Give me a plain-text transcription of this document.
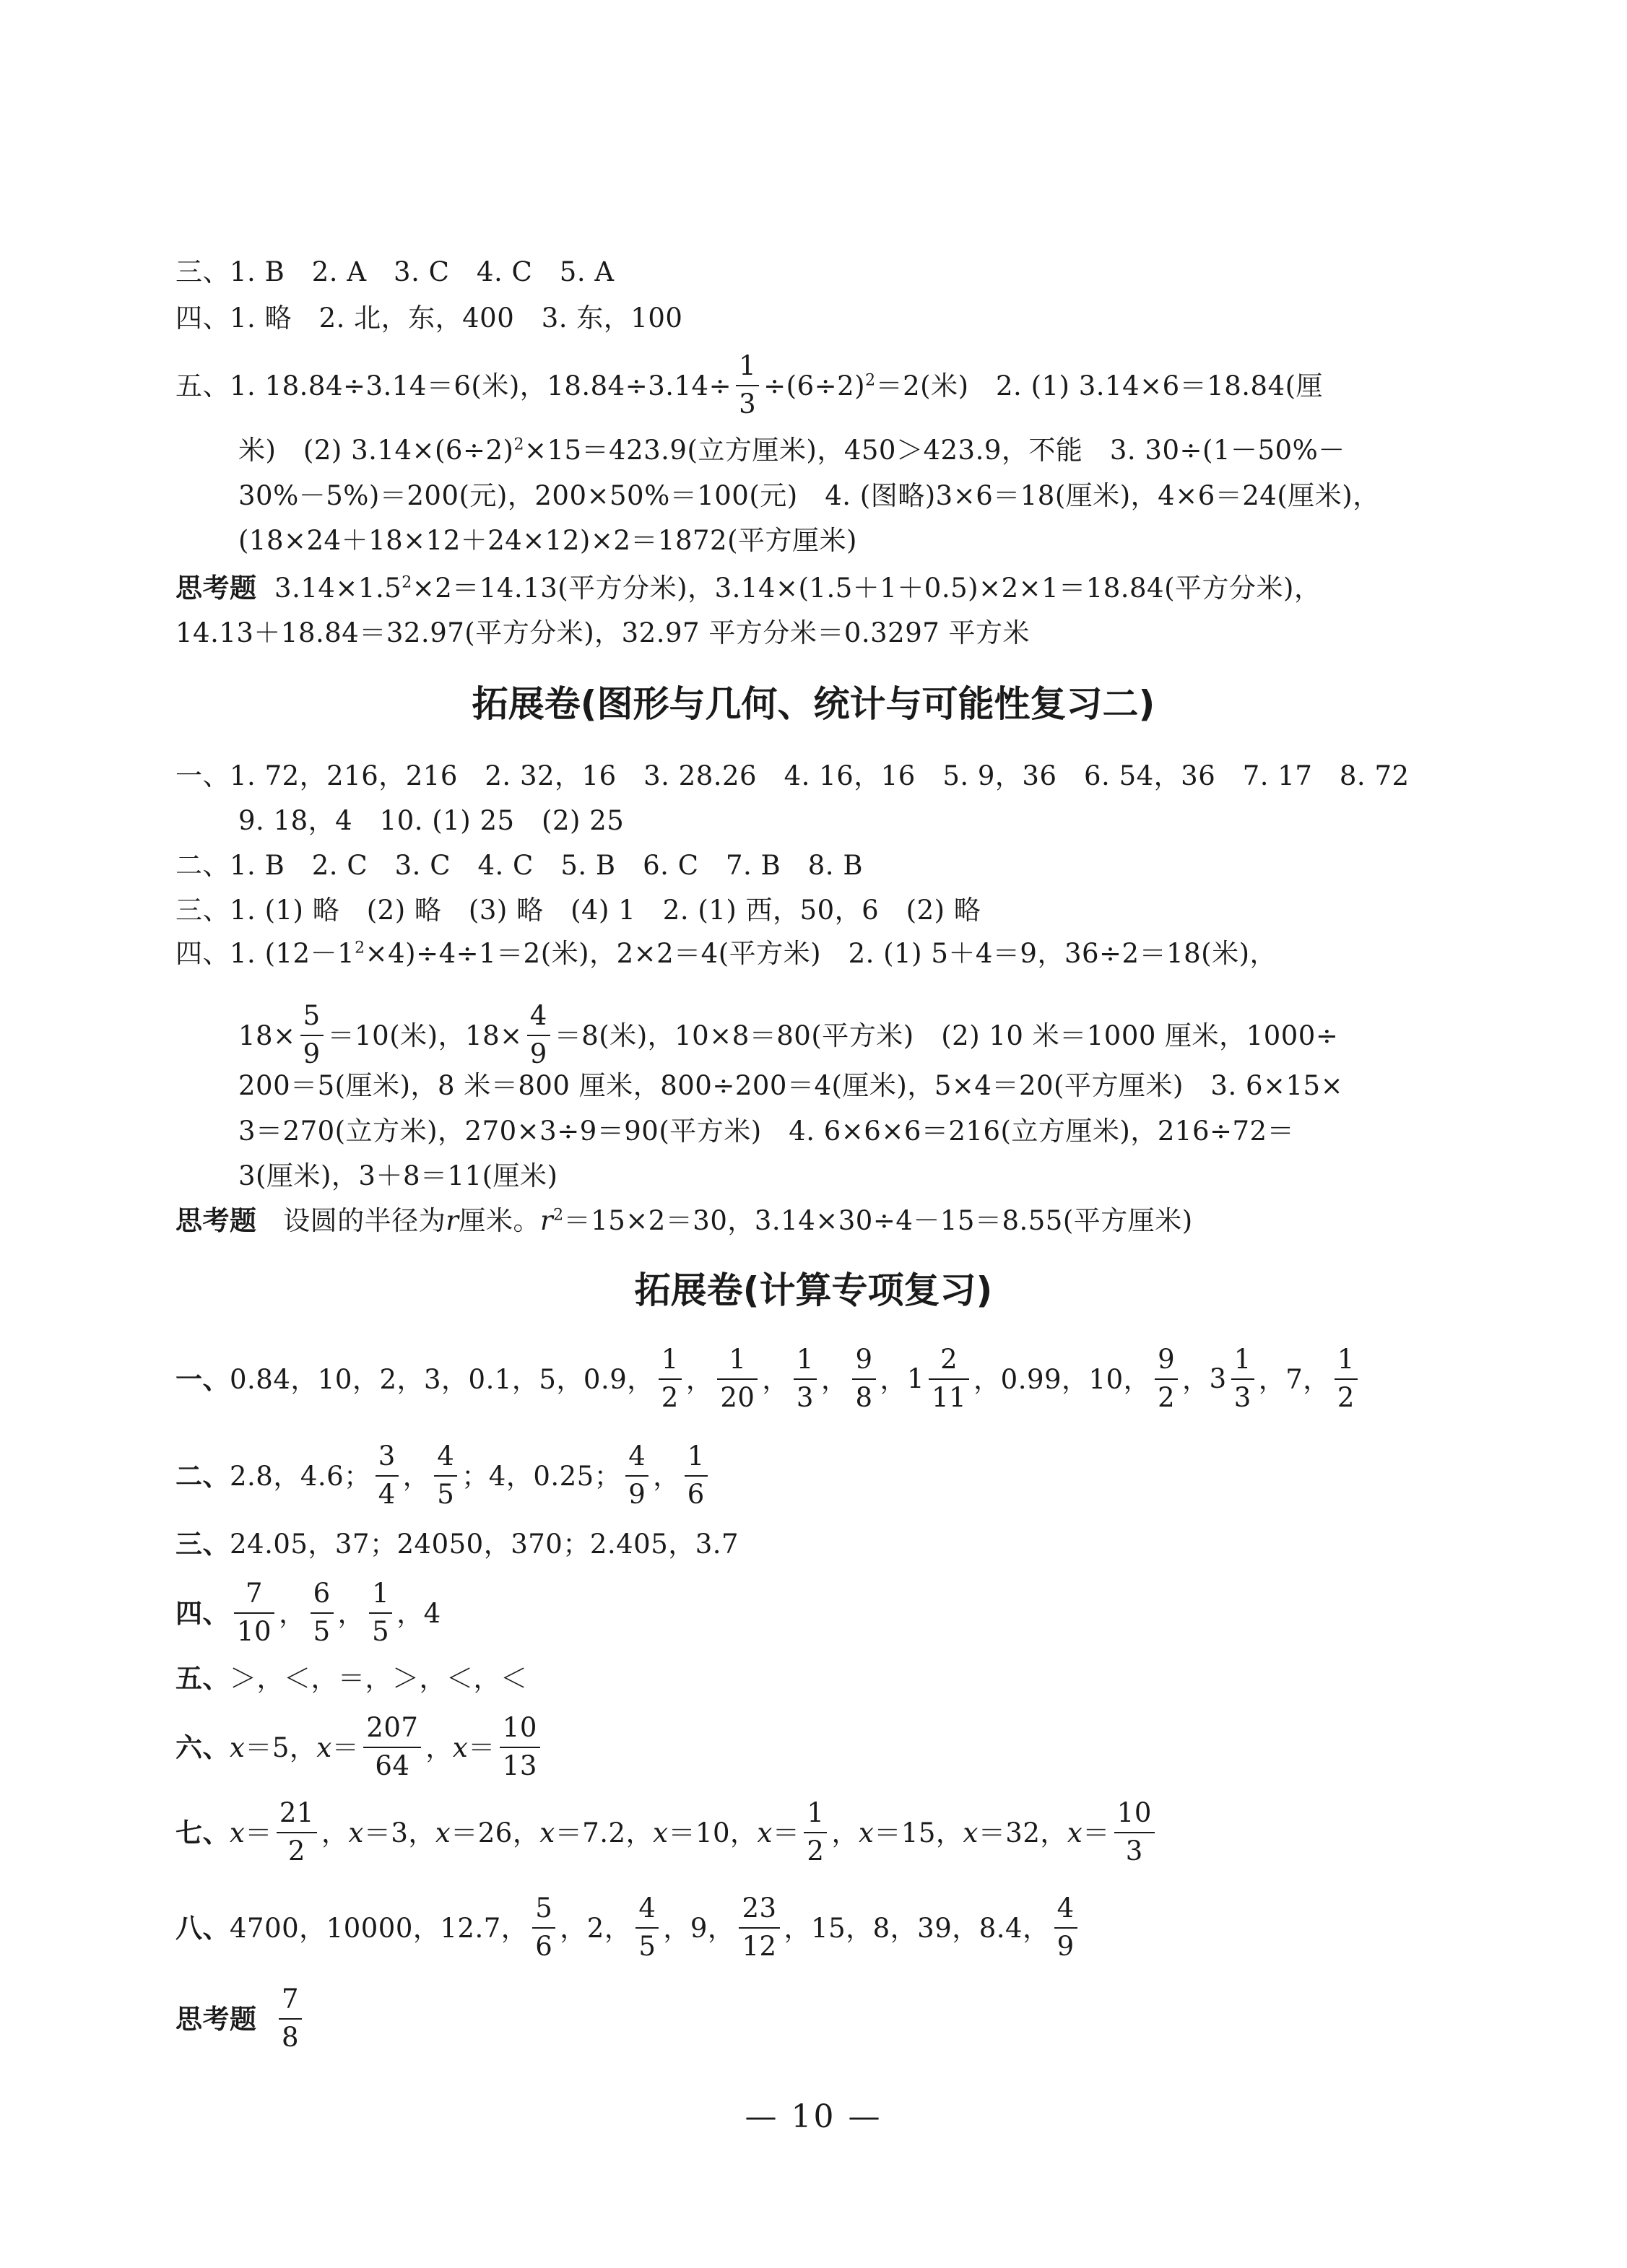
三、1. B　2. A　3. C　4. C　5. A
四、1. 略　2. 北，东，400　3. 东，100
五、1. 18.84÷3.14＝6(米)，$18.84\div 3.14\div \frac{1}{3} \div(6\div 2)^2=2$(米)　2. (1) 3.14×6＝18.84(厘
米)　(2) $3.14\times(6\div 2)^2\times 15=423.9$(立方厘米)，450＞423.9，不能　3. 30÷(1－50%－
30%－5%)＝200(元)，200×50%＝100(元)　4. (图略)3×6＝18(厘米)，4×6＝24(厘米)，
(18×24＋18×12＋24×12)×2＝1872(平方厘米)
思考题 $3.14\times 1.5^2\times 2=14.13$(平方分米)，3.14×(1.5＋1＋0.5)×2×1＝18.84(平方分米)，
14.13＋18.84＝32.97(平方分米)，32.97 平方分米＝0.3297 平方米
拓展卷(图形与几何、统计与可能性复习二)
一、1. 72，216，216　2. 32，16　3. 28.26　4. 16，16　5. 9，36　6. 54，36　7. 17　8. 72
9. 18，4　10. (1) 25　(2) 25
二、1. B　2. C　3. C　4. C　5. B　6. C　7. B　8. B
三、1. (1) 略　(2) 略　(3) 略　(4) 1　2. (1) 西，50，6　(2) 略
四、1. $(12-1^2\times 4)\div 4\div 1=2$(米)，2×2＝4(平方米)　2. (1) 5＋4＝9，36÷2＝18(米)，
$18\times \frac{5}{9} =10$(米)，$18\times \frac{4}{9} =8$(米)，10×8＝80(平方米)　(2) 10 米＝1000 厘米，1000÷
200＝5(厘米)，8 米＝800 厘米，800÷200＝4(厘米)，5×4＝20(平方厘米)　3. 6×15×
3＝270(立方米)，270×3÷9＝90(平方米)　4. 6×6×6＝216(立方厘米)，216÷72＝
3(厘米)，3＋8＝11(厘米)
思考题 设圆的半径为r厘米。$r^2=15\times 2=30$，3.14×30÷4－15＝8.55(平方厘米)
拓展卷(计算专项复习)
一、0.84，10，2，3，0.1，5，0.9， $\frac{1}{2}$ ， $\frac{1}{20}$ ， $\frac{1}{3}$ ， $\frac{9}{8}$ ，$1 \frac{2}{11}$ ，0.99，10， $\frac{9}{2}$ ，$3 \frac{1}{3}$ ，7， $\frac{1}{2}$
二、2.8，4.6； $\frac{3}{4}$ ， $\frac{4}{5}$ ；4，0.25； $\frac{4}{9}$ ， $\frac{1}{6}$
三、24.05，37；24050，370；2.405，3.7
四、 $\frac{7}{10}$ ， $\frac{6}{5}$ ， $\frac{1}{5}$ ，4
五、＞，＜，＝，＞，＜，＜
六、x＝5，$x= \frac{207}{64}$ ，$x= \frac{10}{13}$
七、$x= \frac{21}{2}$ ，x＝3，x＝26，x＝7.2，x＝10，$x= \frac{1}{2}$ ，x＝15，x＝32，$x= \frac{10}{3}$
八、4700，10000，12.7， $\frac{5}{6}$ ，2， $\frac{4}{5}$ ，9， $\frac{23}{12}$ ，15，8，39，8.4， $\frac{4}{9}$
思考题 $\frac{7}{8}$
— 10 —
